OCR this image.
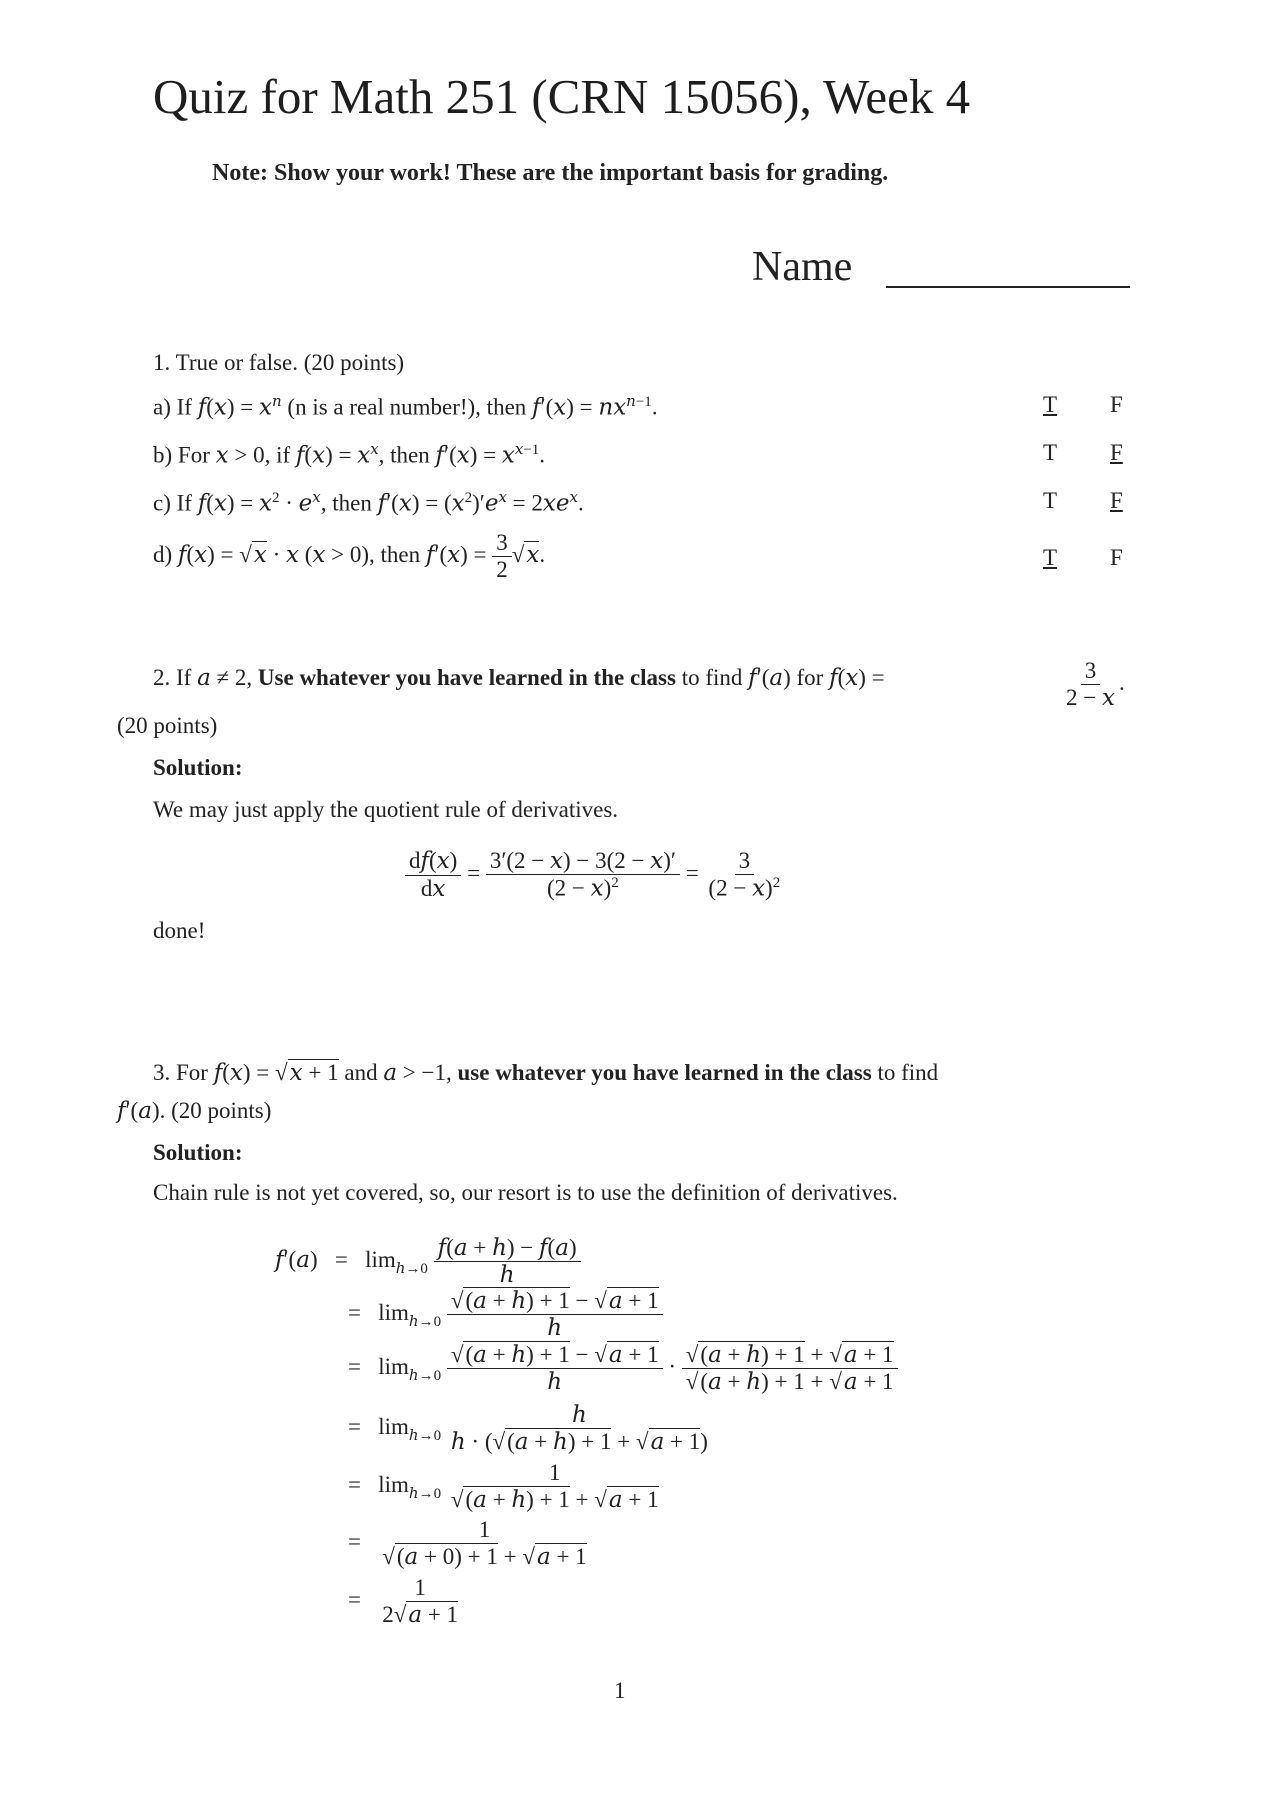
Quiz for Math 251 (CRN 15056), Week 4
Note: Show your work! These are the important basis for grading.
Name
1. True or false. (20 points)
a) If $f(x) = x^n$ (n is a real number!), then $f'(x) = nx^{n-1}$.	T F
b) For x > 0, if $f(x) = x^x$, then $f'(x) = x^{x-1}$.	T F
c) If $f(x) = x^2 \cdot e^x$, then $f'(x) = (x^2)'e^x = 2xe^x$.	T F
d) f(x) = √x · x (x > 0), then $f'(x) = \frac{3}{2} √x$.	T F
2. If a ≠ 2, Use whatever you have learned in the class to find f′(a) for f(x) =	$\frac{3}{2 - x}$ .
(20 points)
Solution:
We may just apply the quotient rule of derivatives.
$\frac{df(x)}{dx} = \frac{3'(2 - x) - 3(2 - x)'}{(2 - x)^2} = \frac{3}{(2 - x)^2}$
done!
3. For f(x) = √x + 1 and a > −1, use whatever you have learned in the class to find
f′(a). (20 points)
Solution:
Chain rule is not yet covered, so, our resort is to use the definition of derivatives.
$f'(a) = \lim_{h\to 0} \frac{f(a + h) - f(a)}{h}$
=   $\lim_{h\to 0} \frac{√(a + h) + 1 - √a + 1}{h}$
=   $\lim_{h\to 0} \frac{√(a + h) + 1 - √a + 1}{h} \cdot \frac{√(a + h) + 1 + √a + 1}{√(a + h) + 1 + √a + 1}$
=   $\lim_{h\to 0} \frac{h}{h \cdot (√(a + h) + 1 + √a + 1)}$
=   $\lim_{h\to 0} \frac{1}{√(a + h) + 1 + √a + 1}$
= $\frac{1}{√(a + 0) + 1 + √a + 1}$
= $\frac{1}{2√a + 1}$
1
